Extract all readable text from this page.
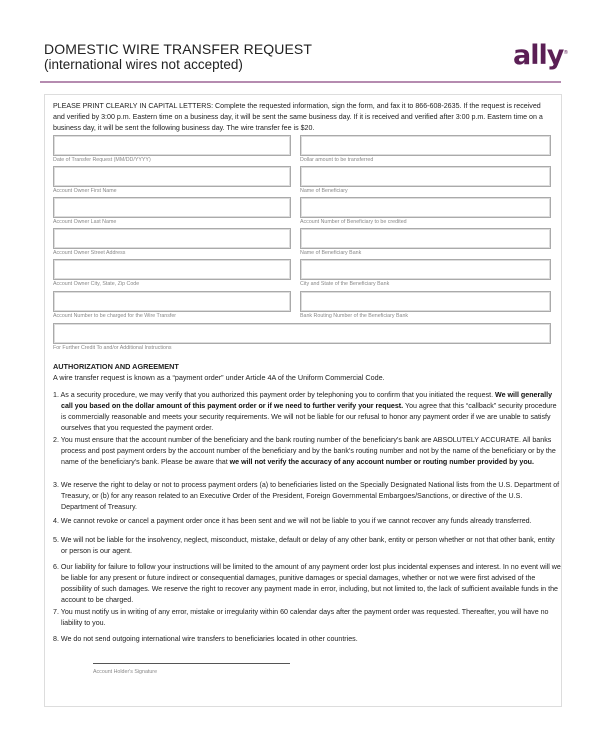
DOMESTIC WIRE TRANSFER REQUEST
(international wires not accepted)	ally®
PLEASE PRINT CLEARLY IN CAPITAL LETTERS: Complete the requested information, sign the form, and fax it to 866-608-2635. If the request is received and verified by 3:00 p.m. Eastern time on a business day, it will be sent the same business day. If it is received and verified after 3:00 p.m. Eastern time on a business day, it will be sent the following business day. The wire transfer fee is $20.
Date of Transfer Request (MM/DD/YYYY)
Account Owner First Name
Account Owner Last Name
Account Owner Street Address
Account Owner City, State, Zip Code
Account Number to be charged for the Wire Transfer
Dollar amount to be transferred
Name of Beneficiary
Account Number of Beneficiary to be credited
Name of Beneficiary Bank
City and State of the Beneficiary Bank
Bank Routing Number of the Beneficiary Bank
For Further Credit To and/or Additional Instructions
AUTHORIZATION AND AGREEMENT
A wire transfer request is known as a “payment order” under Article 4A of the Uniform Commercial Code.
1. As a security procedure, we may verify that you authorized this payment order by telephoning you to confirm that you initiated the request. We will generally call you based on the dollar amount of this payment order or if we need to further verify your request. You agree that this “callback” security procedure is commercially reasonable and meets your security requirements. We will not be liable for our refusal to honor any payment order if we are unable to satisfy ourselves that you requested the payment order.
2. You must ensure that the account number of the beneficiary and the bank routing number of the beneficiary’s bank are ABSOLUTELY ACCURATE. All banks process and post payment orders by the account number of the beneficiary and by the bank’s routing number and not by the name of the beneficiary or by the name of the beneficiary’s bank. Please be aware that we will not verify the accuracy of any account number or routing number provided by you.
3. We reserve the right to delay or not to process payment orders (a) to beneficiaries listed on the Specially Designated National lists from the U.S. Department of Treasury, or (b) for any reason related to an Executive Order of the President, Foreign Governmental Embargoes/Sanctions, or directive of the U.S. Department of Treasury.
4. We cannot revoke or cancel a payment order once it has been sent and we will not be liable to you if we cannot recover any funds already transferred.
5. We will not be liable for the insolvency, neglect, misconduct, mistake, default or delay of any other bank, entity or person whether or not that other bank, entity or person is our agent.
6. Our liability for failure to follow your instructions will be limited to the amount of any payment order lost plus incidental expenses and interest. In no event will we be liable for any present or future indirect or consequential damages, punitive damages or special damages, whether or not we were first advised of the possibility of such damages. We reserve the right to recover any payment made in error, including, but not limited to, the lack of sufficient available funds in the account to be charged.
7. You must notify us in writing of any error, mistake or irregularity within 60 calendar days after the payment order was requested. Thereafter, you will have no liability to you.
8. We do not send outgoing international wire transfers to beneficiaries located in other countries.
Account Holder's Signature
